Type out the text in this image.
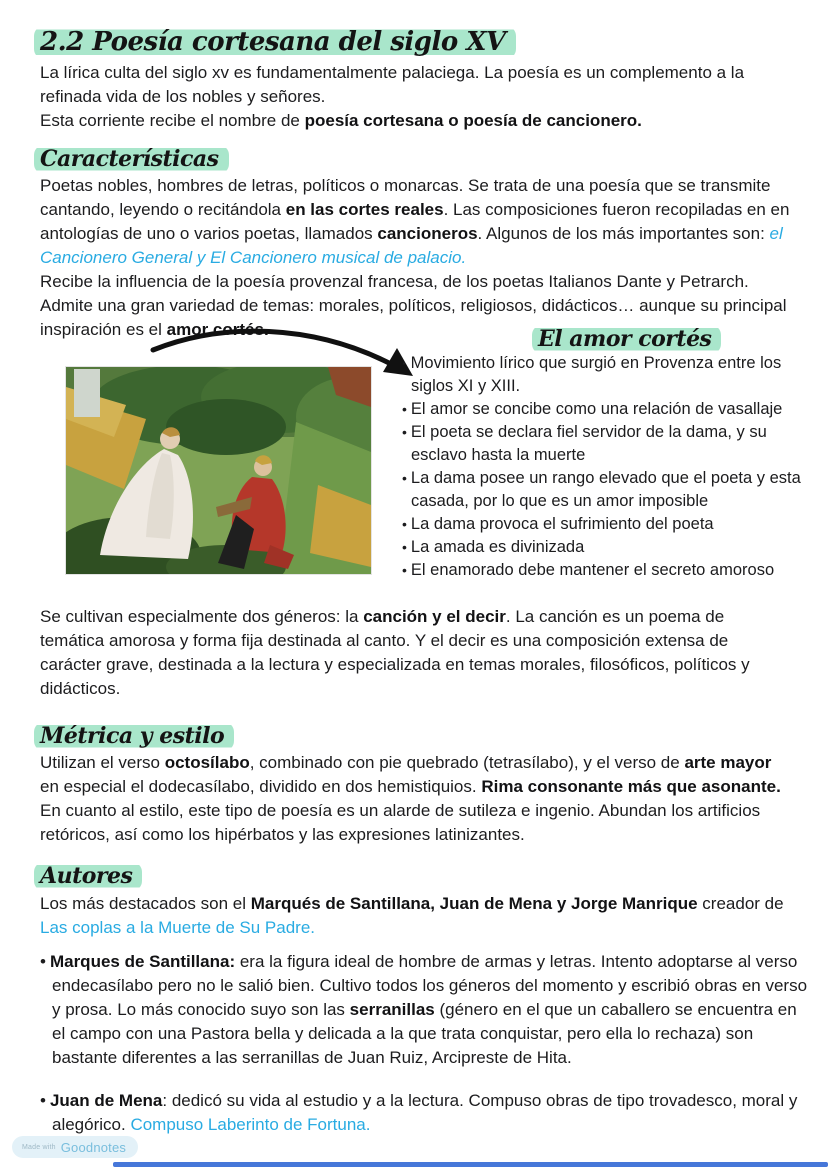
2.2 Poesía cortesana del siglo XV

La lírica culta del siglo xv es fundamentalmente palaciega. La poesía es un complemento a la refinada vida de los nobles y señores.

Esta corriente recibe el nombre de poesía cortesana o poesía de cancionero.

Características

Poetas nobles, hombres de letras, políticos o monarcas. Se trata de una poesía que se transmite cantando, leyendo o recitándola en las cortes reales. Las composiciones fueron recopiladas en en antologías de uno o varios poetas, llamados cancioneros. Algunos de los más importantes son: el Cancionero General y El Cancionero musical de palacio.

Recibe la influencia de la poesía provenzal francesa, de los poetas Italianos Dante y Petrarch.

Admite una gran variedad de temas: morales, políticos, religiosos, didácticos… aunque su principal inspiración es el amor cortés.	El amor cortés
· Movimiento lírico que surgió en Provenza entre los siglos XI y XIII.
• El amor se concibe como una relación de vasallaje
• El poeta se declara fiel servidor de la dama, y su esclavo hasta la muerte
• La dama posee un rango elevado que el poeta y esta casada, por lo que es un amor imposible
• La dama provoca el sufrimiento del poeta
• La amada es divinizada
• El enamorado debe mantener el secreto amoroso

Se cultivan especialmente dos géneros: la canción y el decir. La canción es un poema de temática amorosa y forma fija destinada al canto. Y el decir es una composición extensa de carácter grave, destinada a la lectura y especializada en temas morales, filosóficos, políticos y didácticos.

Métrica y estilo

Utilizan el verso octosílabo, combinado con pie quebrado (tetrasílabo), y el verso de arte mayor en especial el dodecasílabo, dividido en dos hemistiquios. Rima consonante más que asonante.

En cuanto al estilo, este tipo de poesía es un alarde de sutileza e ingenio. Abundan los artificios retóricos, así como los hipérbatos y las expresiones latinizantes.

Autores

Los más destacados son el Marqués de Santillana, Juan de Mena y Jorge Manrique creador de Las coplas a la Muerte de Su Padre.

• Marques de Santillana: era la figura ideal de hombre de armas y letras. Intento adoptarse al verso endecasílabo pero no le salió bien. Cultivo todos los géneros del momento y escribió obras en verso y prosa. Lo más conocido suyo son las serranillas (género en el que un caballero se encuentra en el campo con una Pastora bella y delicada a la que trata conquistar, pero ella lo rechaza) son bastante diferentes a las serranillas de Juan Ruiz, Arcipreste de Hita.
• Juan de Mena: dedicó su vida al estudio y a la lectura. Compuso obras de tipo trovadesco, moral y alegórico. Compuso Laberinto de Fortuna.
Made with Goodnotes
